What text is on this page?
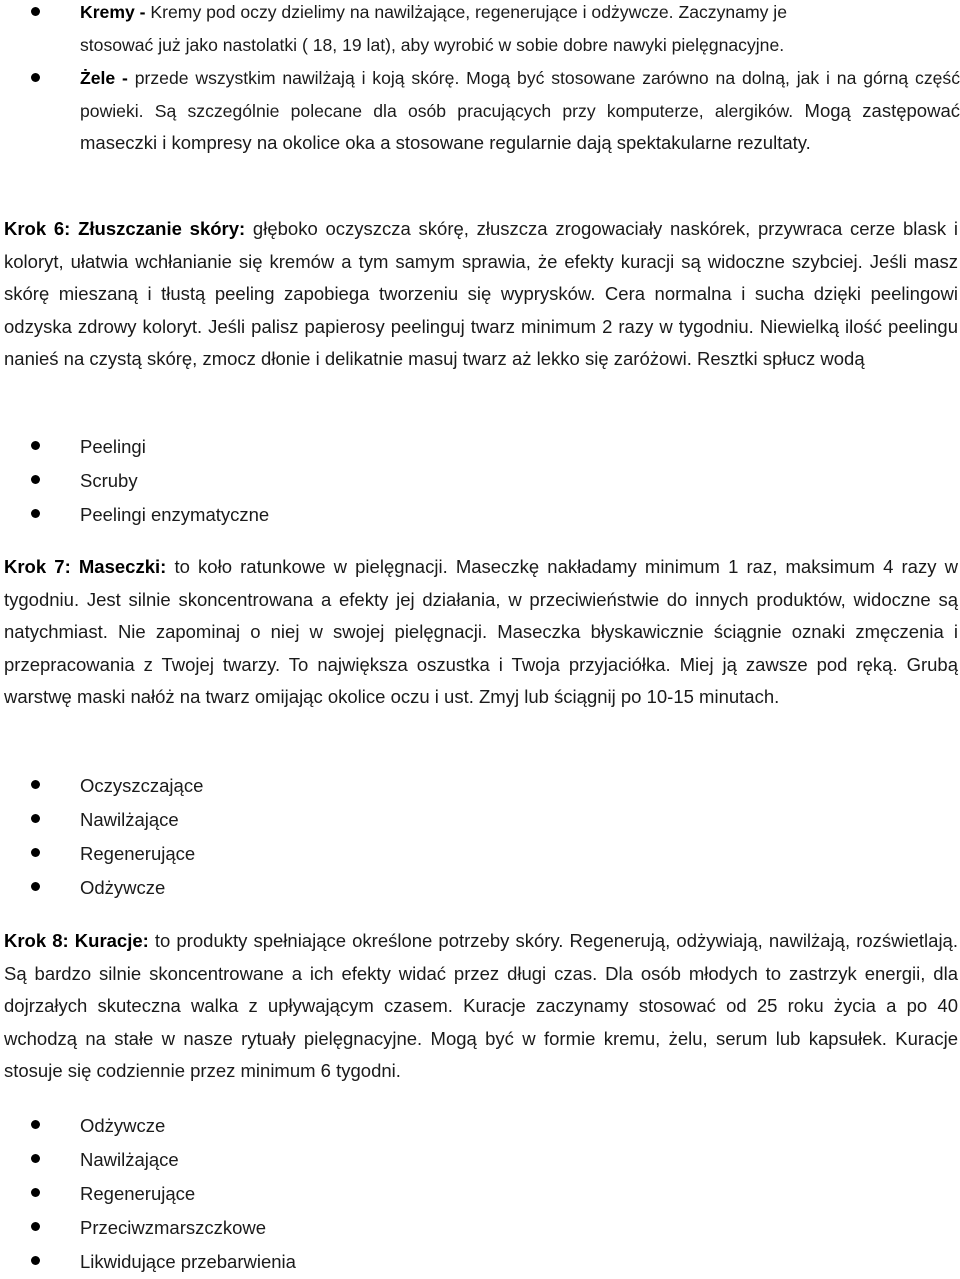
Kremy - Kremy pod oczy dzielimy na nawilżające, regenerujące i odżywcze. Zaczynamy je
stosować już jako nastolatki ( 18, 19 lat), aby wyrobić w sobie dobre nawyki pielęgnacyjne.
Żele - przede wszystkim nawilżają i koją skórę. Mogą być stosowane zarówno na dolną, jak i na górną część powieki. Są szczególnie polecane dla osób pracujących przy komputerze, alergików. Mogą zastępować maseczki i kompresy na okolice oka a stosowane regularnie dają spektakularne rezultaty.
Krok 6: Złuszczanie skóry: głęboko oczyszcza skórę, złuszcza zrogowaciały naskórek, przywraca cerze blask i koloryt, ułatwia wchłanianie się kremów a tym samym sprawia, że efekty kuracji są widoczne szybciej. Jeśli masz skórę mieszaną i tłustą peeling zapobiega tworzeniu się wyprysków. Cera normalna i sucha dzięki peelingowi odzyska zdrowy koloryt. Jeśli palisz papierosy peelinguj twarz minimum 2 razy w tygodniu. Niewielką ilość peelingu nanieś na czystą skórę, zmocz dłonie i delikatnie masuj twarz aż lekko się zaróżowi. Resztki spłucz wodą
Peelingi
Scruby
Peelingi enzymatyczne
Krok 7: Maseczki: to koło ratunkowe w pielęgnacji. Maseczkę nakładamy minimum 1 raz, maksimum 4 razy w tygodniu. Jest silnie skoncentrowana a efekty jej działania, w przeciwieństwie do innych produktów, widoczne są natychmiast. Nie zapominaj o niej w swojej pielęgnacji. Maseczka błyskawicznie ściągnie oznaki zmęczenia i przepracowania z Twojej twarzy. To największa oszustka i Twoja przyjaciółka. Miej ją zawsze pod ręką. Grubą warstwę maski nałóż na twarz omijając okolice oczu i ust. Zmyj lub ściągnij po 10-15 minutach.
Oczyszczające
Nawilżające
Regenerujące
Odżywcze
Krok 8: Kuracje: to produkty spełniające określone potrzeby skóry. Regenerują, odżywiają, nawilżają, rozświetlają. Są bardzo silnie skoncentrowane a ich efekty widać przez długi czas. Dla osób młodych to zastrzyk energii, dla dojrzałych skuteczna walka z upływającym czasem. Kuracje zaczynamy stosować od 25 roku życia a po 40 wchodzą na stałe w nasze rytuały pielęgnacyjne. Mogą być w formie kremu, żelu, serum lub kapsułek. Kuracje stosuje się codziennie przez minimum 6 tygodni.
Odżywcze
Nawilżające
Regenerujące
Przeciwzmarszczkowe
Likwidujące przebarwienia
